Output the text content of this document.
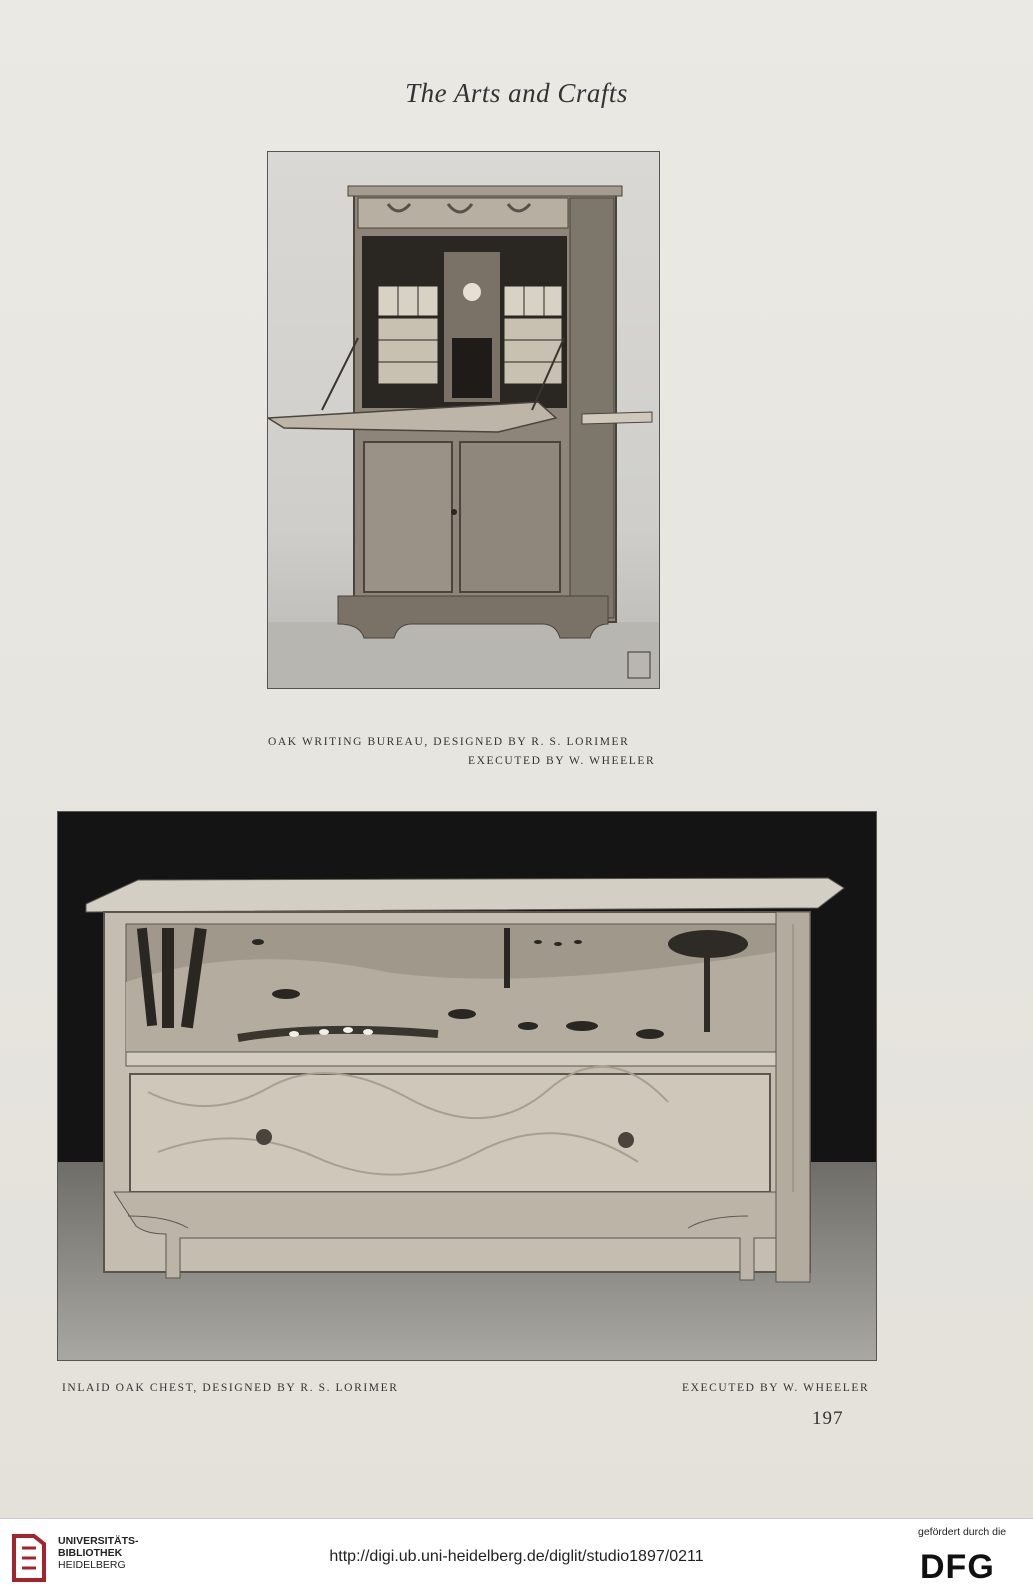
The Arts and Crafts
OAK WRITING BUREAU, DESIGNED BY R. S. LORIMER
EXECUTED BY W. WHEELER
INLAID OAK CHEST, DESIGNED BY R. S. LORIMER	EXECUTED BY W. WHEELER
197
UNIVERSITÄTS-
BIBLIOTHEK
HEIDELBERG	http://digi.ub.uni-heidelberg.de/diglit/studio1897/0211
gefördert durch die
DFG
